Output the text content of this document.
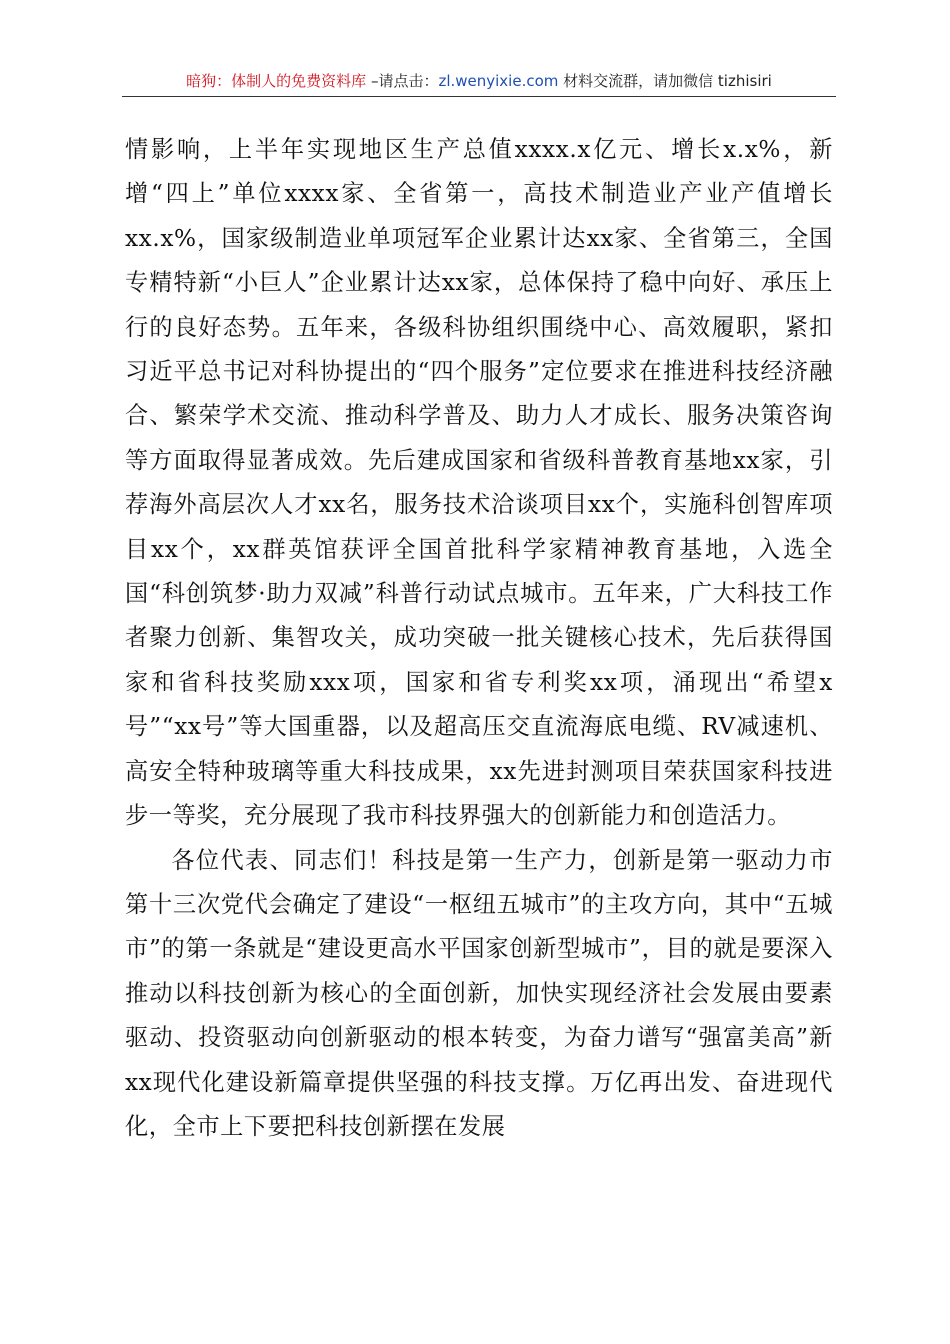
暗狗：体制人的免费资料库 –请点击：zl.wenyixie.com 材料交流群，请加微信 tizhisiri

情影响，上半年实现地区生产总值xxxx.x亿元、增长x.x%，新增“四上”单位xxxx家、全省第一，高技术制造业产业产值增长xx.x%，国家级制造业单项冠军企业累计达xx家、全省第三，全国专精特新“小巨人”企业累计达xx家，总体保持了稳中向好、承压上行的良好态势。五年来，各级科协组织围绕中心、高效履职，紧扣习近平总书记对科协提出的“四个服务”定位要求在推进科技经济融合、繁荣学术交流、推动科学普及、助力人才成长、服务决策咨询等方面取得显著成效。先后建成国家和省级科普教育基地xx家，引荐海外高层次人才xx名，服务技术洽谈项目xx个，实施科创智库项目xx个，xx群英馆获评全国首批科学家精神教育基地，入选全国“科创筑梦·助力双减”科普行动试点城市。五年来，广大科技工作者聚力创新、集智攻关，成功突破一批关键核心技术，先后获得国家和省科技奖励xxx项，国家和省专利奖xx项，涌现出“希望x号”“xx号”等大国重器，以及超高压交直流海底电缆、RV减速机、高安全特种玻璃等重大科技成果，xx先进封测项目荣获国家科技进步一等奖，充分展现了我市科技界强大的创新能力和创造活力。

各位代表、同志们！科技是第一生产力，创新是第一驱动力市第十三次党代会确定了建设“一枢纽五城市”的主攻方向，其中“五城市”的第一条就是“建设更高水平国家创新型城市”，目的就是要深入推动以科技创新为核心的全面创新，加快实现经济社会发展由要素驱动、投资驱动向创新驱动的根本转变，为奋力谱写“强富美高”新xx现代化建设新篇章提供坚强的科技支撑。万亿再出发、奋进现代化，全市上下要把科技创新摆在发展
